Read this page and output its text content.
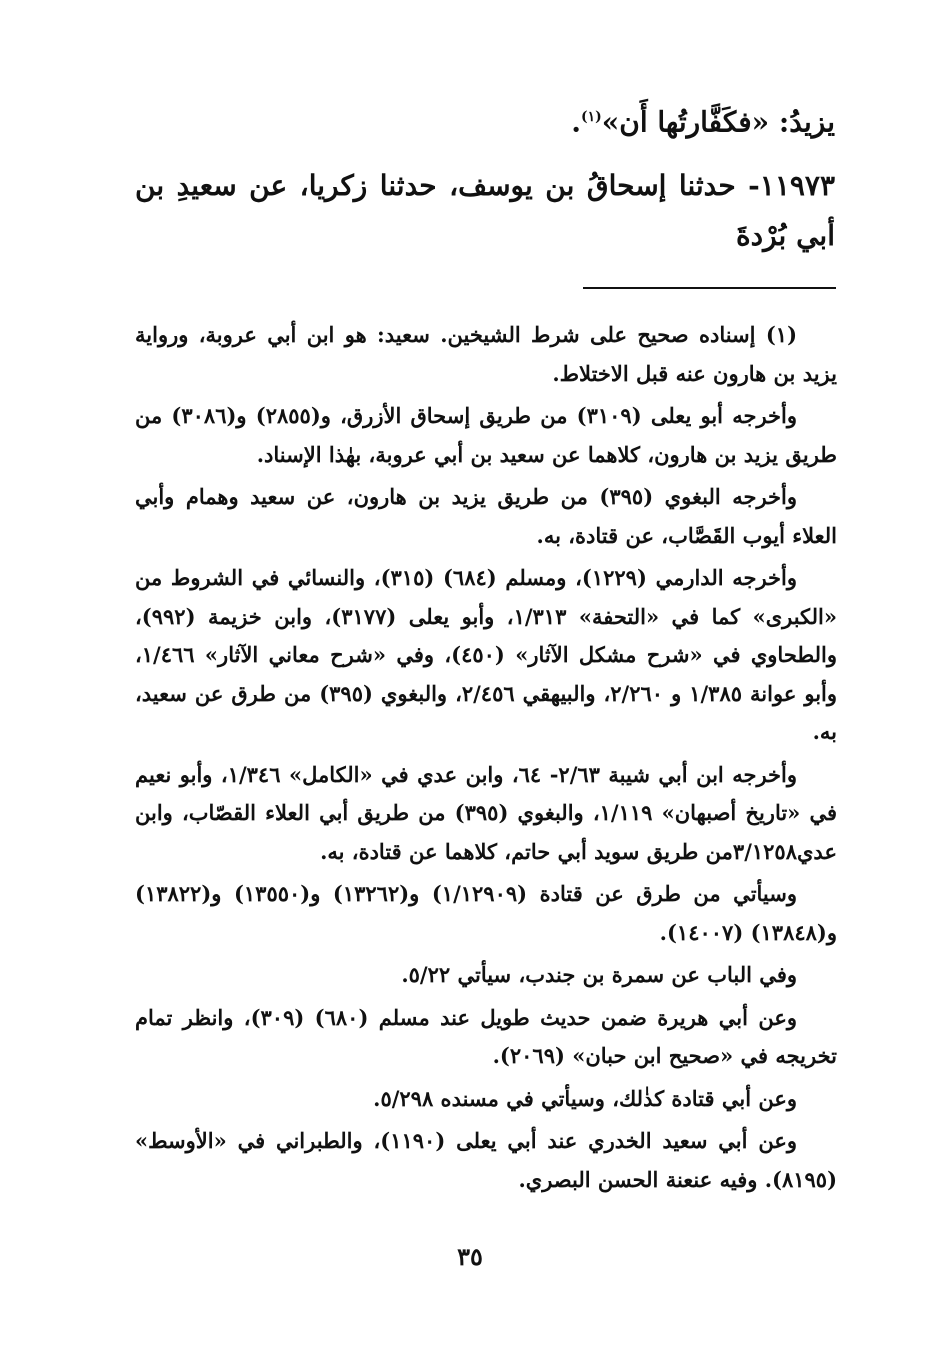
يزيدُ: «فكَفَّارتُها أَن»$^{(١)}$.

١١٩٧٣- حدثنا إسحاقُ بن يوسف، حدثنا زكريا، عن سعيدِ بن أبي بُرْدةَ

(١) إسناده صحيح على شرط الشيخين. سعيد: هو ابن أبي عروبة، ورواية يزيد بن هارون عنه قبل الاختلاط.

وأخرجه أبو يعلى (٣١٠٩) من طريق إسحاق الأزرق، و(٢٨٥٥) و(٣٠٨٦) من طريق يزيد بن هارون، كلاهما عن سعيد بن أبي عروبة، بهٰذا الإسناد.

وأخرجه البغوي (٣٩٥) من طريق يزيد بن هارون، عن سعيد وهمام وأبي العلاء أيوب القَصَّاب، عن قتادة، به.

وأخرجه الدارمي (١٢٢٩)، ومسلم (٦٨٤) (٣١٥)، والنسائي في الشروط من «الكبرى» كما في «التحفة» ١/٣١٣، وأبو يعلى (٣١٧٧)، وابن خزيمة (٩٩٢)، والطحاوي في «شرح مشكل الآثار» (٤٥٠)، وفي «شرح معاني الآثار» ١/٤٦٦، وأبو عوانة ١/٣٨٥ و ٢/٢٦٠، والبيهقي ٢/٤٥٦، والبغوي (٣٩٥) من طرق عن سعيد، به.

وأخرجه ابن أبي شيبة ٢/٦٣- ٦٤، وابن عدي في «الكامل» ١/٣٤٦، وأبو نعيم في «تاريخ أصبهان» ١/١١٩، والبغوي (٣٩٥) من طريق أبي العلاء القصّاب، وابن عدي٣/١٢٥٨من طريق سويد أبي حاتم، كلاهما عن قتادة، به.

وسيأتي من طرق عن قتادة (١/١٢٩٠٩) و(١٣٢٦٢) و(١٣٥٥٠) و(١٣٨٢٢) و(١٣٨٤٨) (١٤٠٠٧).

وفي الباب عن سمرة بن جندب، سيأتي ٥/٢٢.

وعن أبي هريرة ضمن حديث طويل عند مسلم (٦٨٠) (٣٠٩)، وانظر تمام تخريجه في «صحيح ابن حبان» (٢٠٦٩).

وعن أبي قتادة كذٰلك، وسيأتي في مسنده ٥/٢٩٨.

وعن أبي سعيد الخدري عند أبي يعلى (١١٩٠)، والطبراني في «الأوسط» (٨١٩٥). وفيه عنعنة الحسن البصري.

٣٥
